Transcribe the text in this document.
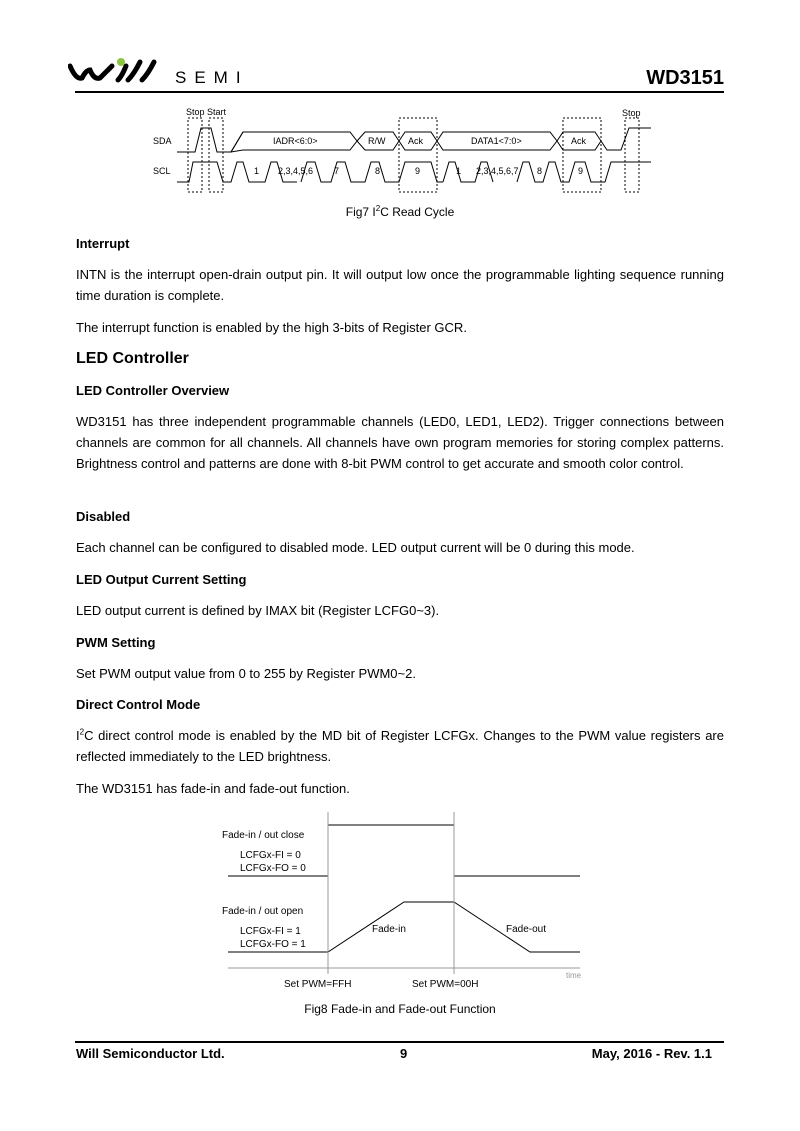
SEMI	WD3151
Stop Start	Stop
SDA
SCL
IADR<6:0>	R/W	Ack	DATA1<7:0>	Ack
1 2,3,4,5,6 7	8	9	1 2,3,4,5,6,7 8	9
Fig7 $I^2C$ Read Cycle
Interrupt
INTN is the interrupt open-drain output pin. It will output low once the programmable lighting sequence running time duration is complete.
The interrupt function is enabled by the high 3-bits of Register GCR.
LED Controller
LED Controller Overview
WD3151 has three independent programmable channels (LED0, LED1, LED2). Trigger connections between channels are common for all channels. All channels have own program memories for storing complex patterns. Brightness control and patterns are done with 8-bit PWM control to get accurate and smooth color control.
Disabled
Each channel can be configured to disabled mode. LED output current will be 0 during this mode.
LED Output Current Setting
LED output current is defined by IMAX bit (Register LCFG0~3).
PWM Setting
Set PWM output value from 0 to 255 by Register PWM0~2.
Direct Control Mode
$I^2C$ direct control mode is enabled by the MD bit of Register LCFGx. Changes to the PWM value registers are reflected immediately to the LED brightness.
The WD3151 has fade-in and fade-out function.
Fade-in / out close
LCFGx-FI = 0
LCFGx-FO = 0
Fade-in / out open
LCFGx-FI = 1
LCFGx-FO = 1
Fade-in	Fade-out
time
Set PWM=FFH	Set PWM=00H
Fig8 Fade-in and Fade-out Function
Will Semiconductor Ltd.	9	May, 2016 - Rev. 1.1
